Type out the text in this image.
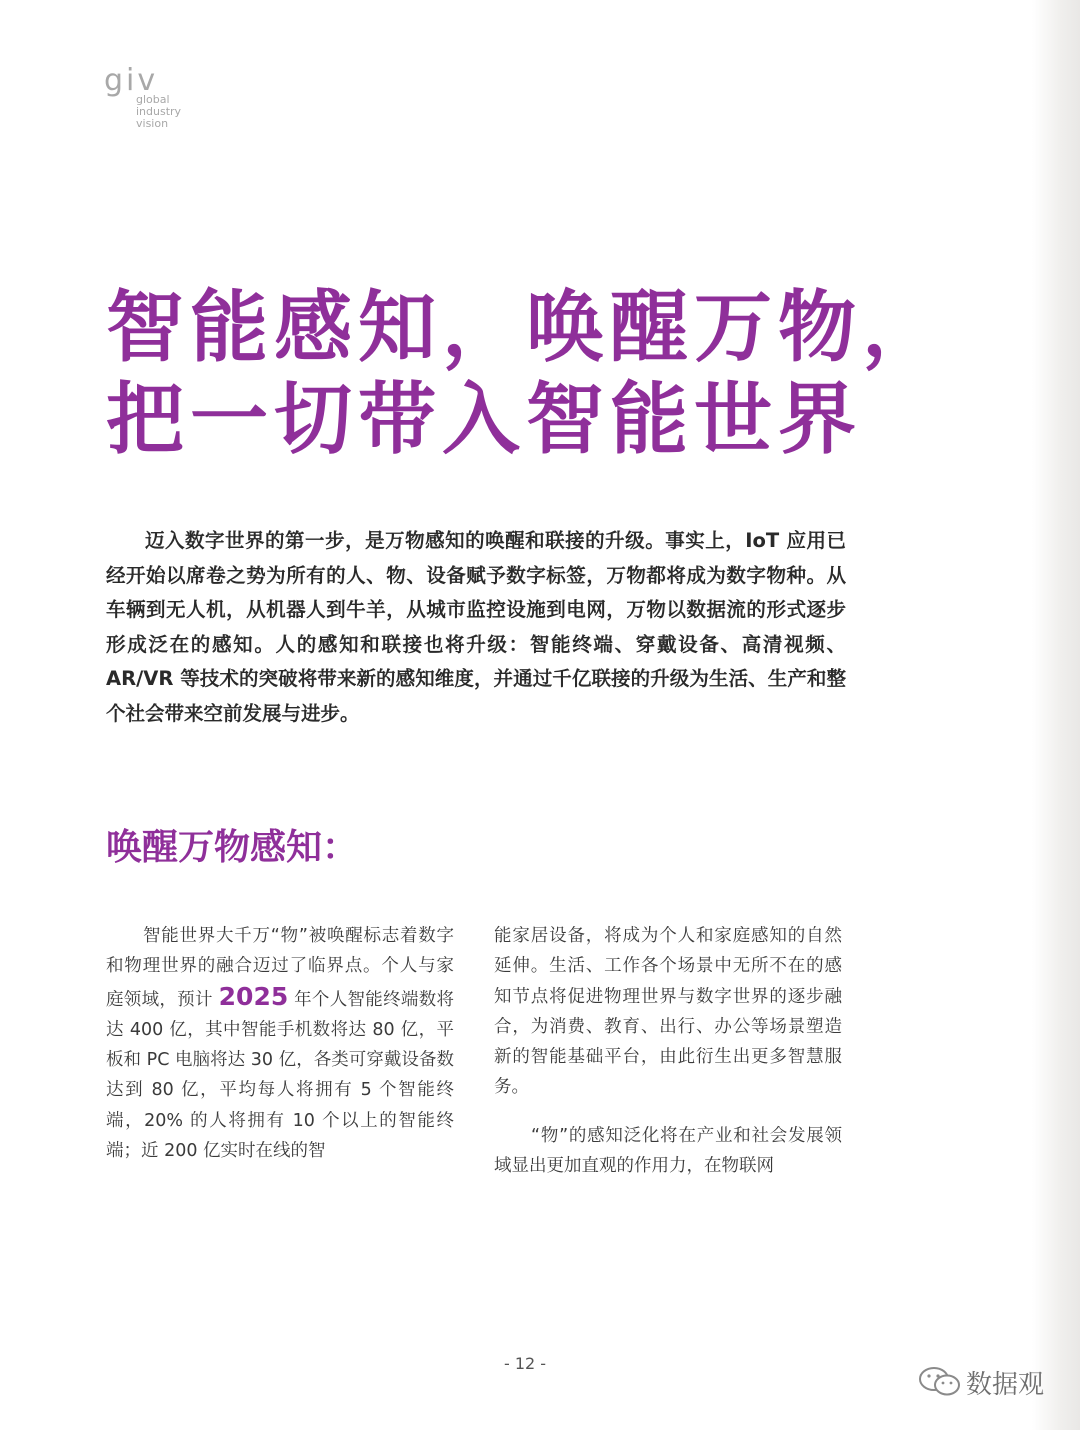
giv
global
industry
vision
智能感知，唤醒万物，
把一切带入智能世界
迈入数字世界的第一步，是万物感知的唤醒和联接的升级。事实上，IoT 应用已经开始以席卷之势为所有的人、物、设备赋予数字标签，万物都将成为数字物种。从车辆到无人机，从机器人到牛羊，从城市监控设施到电网，万物以数据流的形式逐步形成泛在的感知。人的感知和联接也将升级：智能终端、穿戴设备、高清视频、AR/VR 等技术的突破将带来新的感知维度，并通过千亿联接的升级为生活、生产和整个社会带来空前发展与进步。
唤醒万物感知：
智能世界大千万“物”被唤醒标志着数字和物理世界的融合迈过了临界点。个人与家庭领域，预计 2025 年个人智能终端数将达 400 亿，其中智能手机数将达 80 亿，平板和 PC 电脑将达 30 亿，各类可穿戴设备数达到 80 亿，平均每人将拥有 5 个智能终端，20% 的人将拥有 10 个以上的智能终端；近 200 亿实时在线的智

能家居设备，将成为个人和家庭感知的自然延伸。生活、工作各个场景中无所不在的感知节点将促进物理世界与数字世界的逐步融合，为消费、教育、出行、办公等场景塑造新的智能基础平台，由此衍生出更多智慧服务。

“物”的感知泛化将在产业和社会发展领域显出更加直观的作用力，在物联网

- 12 -
数据观
